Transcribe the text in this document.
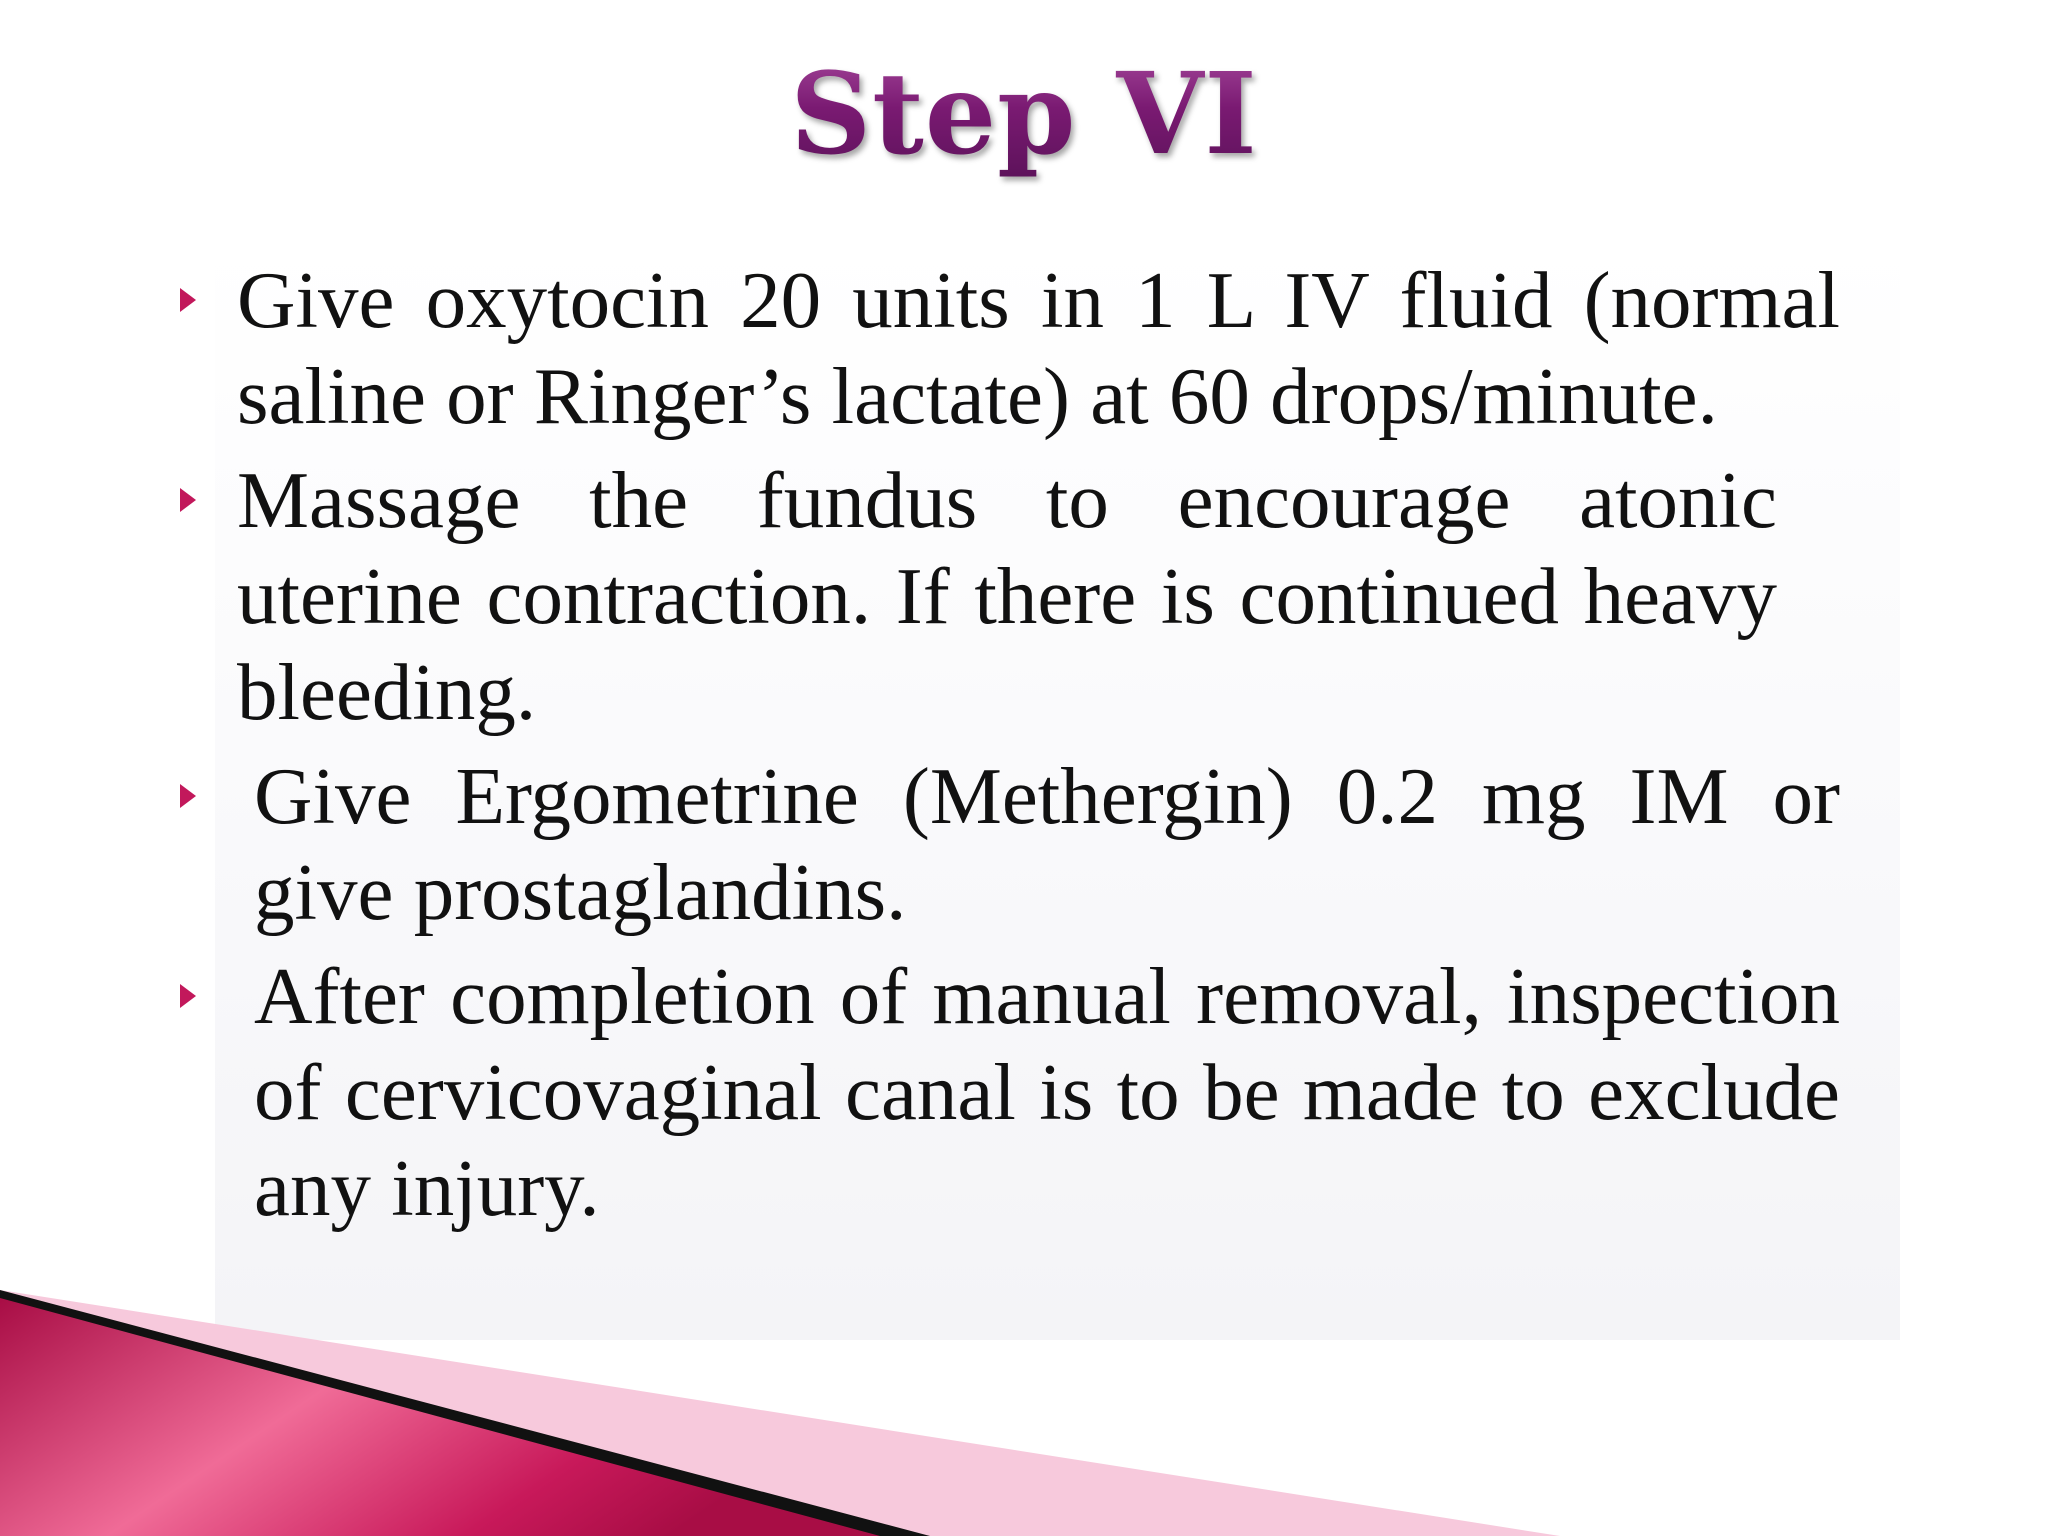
Step VI
Give oxytocin 20 units in 1 L IV fluid (normal saline or Ringer’s lactate) at 60 drops/minute.
Massage the fundus to encourage atonic uterine contraction. If there is continued heavy bleeding.
Give Ergometrine (Methergin) 0.2 mg IM or give prostaglandins.
After completion of manual removal, inspection of cervicovaginal canal is to be made to exclude any injury.
